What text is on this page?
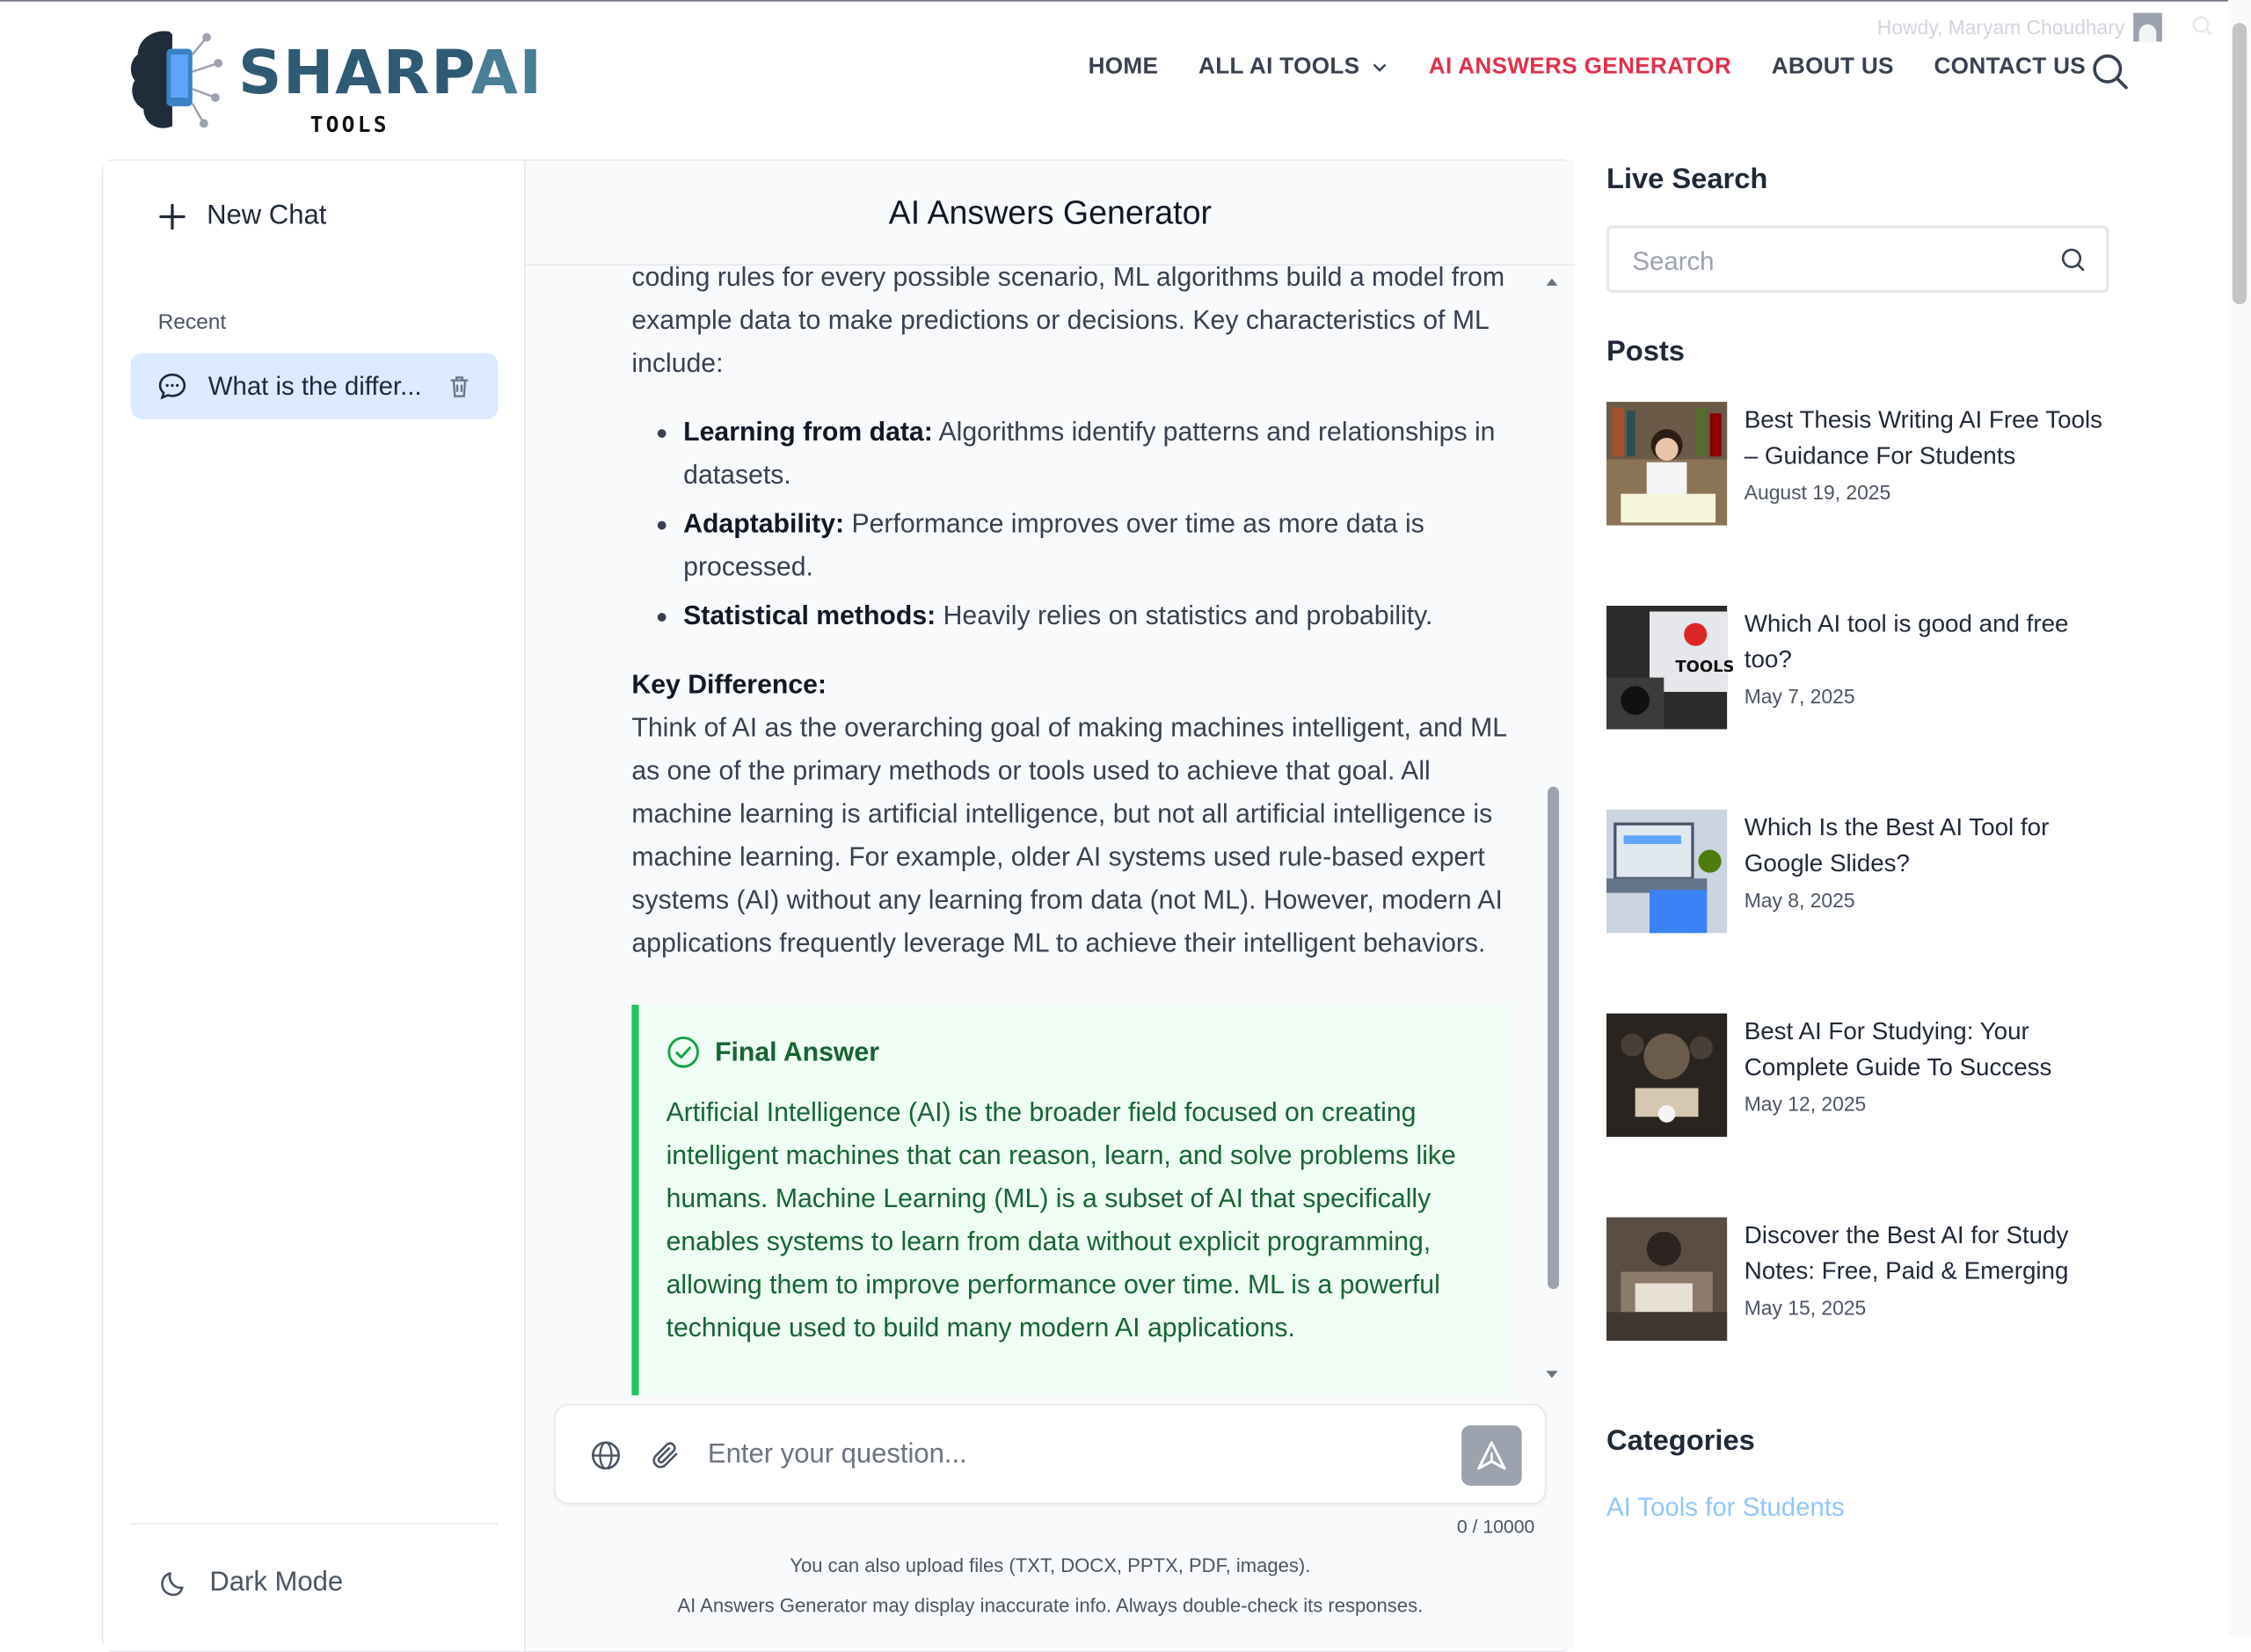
SHARPAI
TOOLS
Howdy, Maryam Choudhary
HOME	ALL AI TOOLS	AI ANSWERS GENERATOR	ABOUT US	CONTACT US
New Chat
Recent
What is the differ...
Dark Mode
AI Answers Generator

coding rules for every possible scenario, ML algorithms build a model from example data to make predictions or decisions. Key characteristics of ML include:

• Learning from data: Algorithms identify patterns and relationships in datasets.
• Adaptability: Performance improves over time as more data is processed.
• Statistical methods: Heavily relies on statistics and probability.
Key Difference:

Think of AI as the overarching goal of making machines intelligent, and ML as one of the primary methods or tools used to achieve that goal. All machine learning is artificial intelligence, but not all artificial intelligence is machine learning. For example, older AI systems used rule-based expert systems (AI) without any learning from data (not ML). However, modern AI applications frequently leverage ML to achieve their intelligent behaviors.

Final Answer
Artificial Intelligence (AI) is the broader field focused on creating intelligent machines that can reason, learn, and solve problems like humans. Machine Learning (ML) is a subset of AI that specifically enables systems to learn from data without explicit programming, allowing them to improve performance over time. ML is a powerful technique used to build many modern AI applications.
Enter your question...
0 / 10000
You can also upload files (TXT, DOCX, PPTX, PDF, images).
AI Answers Generator may display inaccurate info. Always double-check its responses.
Live Search
Search
Posts
Best Thesis Writing AI Free Tools – Guidance For Students
August 19, 2025
TOOLS
Which AI tool is good and free too?
May 7, 2025
Which Is the Best AI Tool for Google Slides?
May 8, 2025
Best AI For Studying: Your Complete Guide To Success
May 12, 2025
Discover the Best AI for Study Notes: Free, Paid & Emerging
May 15, 2025
Categories
AI Tools for Students
